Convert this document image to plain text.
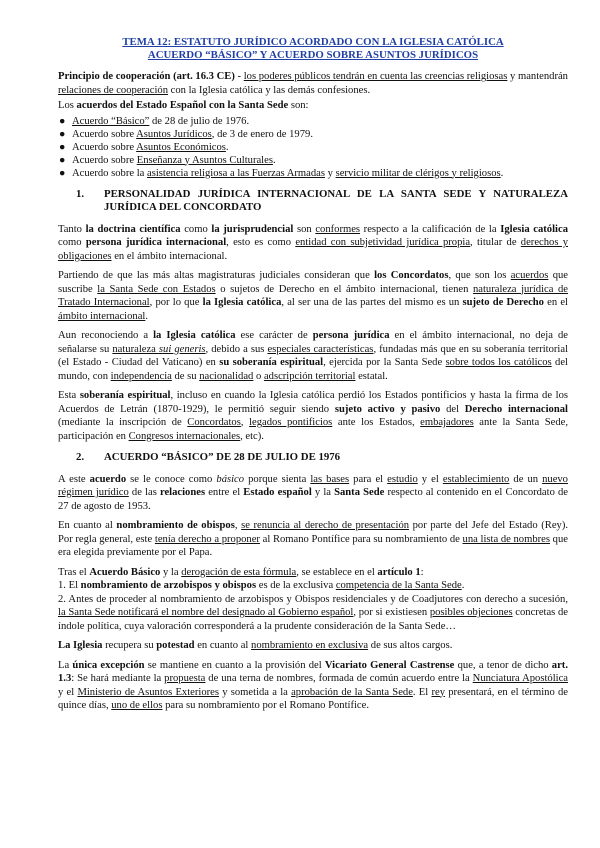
TEMA 12: ESTATUTO JURÍDICO ACORDADO CON LA IGLESIA CATÓLICA
ACUERDO “BÁSICO” Y ACUERDO SOBRE ASUNTOS JURÍDICOS

Principio de cooperación (art. 16.3 CE) - los poderes públicos tendrán en cuenta las creencias religiosas y mantendrán relaciones de cooperación con la Iglesia católica y las demás confesiones.

Los acuerdos del Estado Español con la Santa Sede son:

● Acuerdo “Básico” de 28 de julio de 1976.
● Acuerdo sobre Asuntos Jurídicos, de 3 de enero de 1979.
● Acuerdo sobre Asuntos Económicos.
● Acuerdo sobre Enseñanza y Asuntos Culturales.
● Acuerdo sobre la asistencia religiosa a las Fuerzas Armadas y servicio militar de clérigos y religiosos.
1.	PERSONALIDAD JURÍDICA INTERNACIONAL DE LA SANTA SEDE Y NATURALEZA JURÍDICA DEL CONCORDATO

Tanto la doctrina científica como la jurisprudencial son conformes respecto a la calificación de la Iglesia católica como persona jurídica internacional, esto es como entidad con subjetividad jurídica propia, titular de derechos y obligaciones en el ámbito internacional.

Partiendo de que las más altas magistraturas judiciales consideran que los Concordatos, que son los acuerdos que suscribe la Santa Sede con Estados o sujetos de Derecho en el ámbito internacional, tienen naturaleza jurídica de Tratado Internacional, por lo que la Iglesia católica, al ser una de las partes del mismo es un sujeto de Derecho en el ámbito internacional.

Aun reconociendo a la Iglesia católica ese carácter de persona jurídica en el ámbito internacional, no deja de señalarse su naturaleza sui generis, debido a sus especiales características, fundadas más que en su soberanía territorial (el Estado - Ciudad del Vaticano) en su soberanía espiritual, ejercida por la Santa Sede sobre todos los católicos del mundo, con independencia de su nacionalidad o adscripción territorial estatal.

Esta soberanía espiritual, incluso en cuando la Iglesia católica perdió los Estados pontificios y hasta la firma de los Acuerdos de Letrán (1870-1929), le permitió seguir siendo sujeto activo y pasivo del Derecho internacional (mediante la inscripción de Concordatos, legados pontificios ante los Estados, embajadores ante la Santa Sede, participación en Congresos internacionales, etc).

2.	ACUERDO “BÁSICO” DE 28 DE JULIO DE 1976

A este acuerdo se le conoce como básico porque sienta las bases para el estudio y el establecimiento de un nuevo régimen jurídico de las relaciones entre el Estado español y la Santa Sede respecto al contenido en el Concordato de 27 de agosto de 1953.

En cuanto al nombramiento de obispos, se renuncia al derecho de presentación por parte del Jefe del Estado (Rey). Por regla general, este tenía derecho a proponer al Romano Pontífice para su nombramiento de una lista de nombres que era elegida previamente por el Papa.

Tras el Acuerdo Básico y la derogación de esta fórmula, se establece en el artículo 1:

1. El nombramiento de arzobispos y obispos es de la exclusiva competencia de la Santa Sede.

2. Antes de proceder al nombramiento de arzobispos y Obispos residenciales y de Coadjutores con derecho a sucesión, la Santa Sede notificará el nombre del designado al Gobierno español, por si existiesen posibles objeciones concretas de índole política, cuya valoración corresponderá a la prudente consideración de la Santa Sede…

La Iglesia recupera su potestad en cuanto al nombramiento en exclusiva de sus altos cargos.

La única excepción se mantiene en cuanto a la provisión del Vicariato General Castrense que, a tenor de dicho art. 1.3: Se hará mediante la propuesta de una terna de nombres, formada de común acuerdo entre la Nunciatura Apostólica y el Ministerio de Asuntos Exteriores y sometida a la aprobación de la Santa Sede. El rey presentará, en el término de quince días, uno de ellos para su nombramiento por el Romano Pontífice.
